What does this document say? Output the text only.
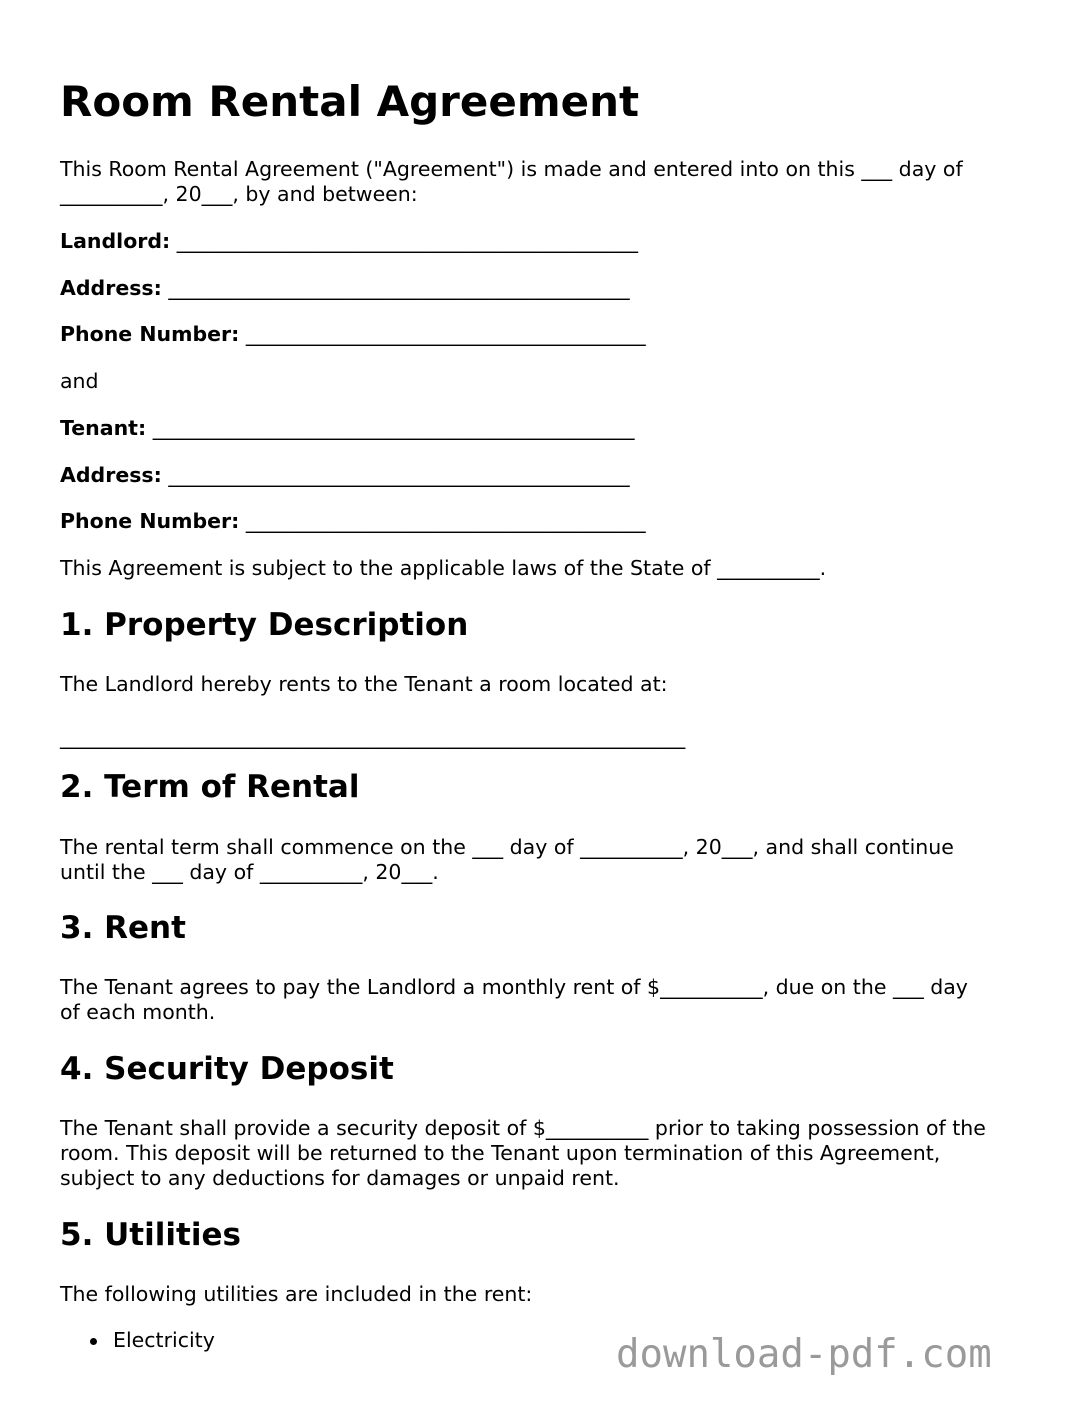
Room Rental Agreement
This Room Rental Agreement ("Agreement") is made and entered into on this ___ day of
__________, 20___, by and between:
Landlord: _____________________________________________
Address: _____________________________________________
Phone Number: _______________________________________
and
Tenant: _______________________________________________
Address: _____________________________________________
Phone Number: _______________________________________
This Agreement is subject to the applicable laws of the State of __________.
1. Property Description
The Landlord hereby rents to the Tenant a room located at:
_____________________________________________________________
2. Term of Rental
The rental term shall commence on the ___ day of __________, 20___, and shall continue
until the ___ day of __________, 20___.
3. Rent
The Tenant agrees to pay the Landlord a monthly rent of $__________, due on the ___ day
of each month.
4. Security Deposit
The Tenant shall provide a security deposit of $__________ prior to taking possession of the
room. This deposit will be returned to the Tenant upon termination of this Agreement,
subject to any deductions for damages or unpaid rent.
5. Utilities
The following utilities are included in the rent:
Electricity	download-pdf.com
